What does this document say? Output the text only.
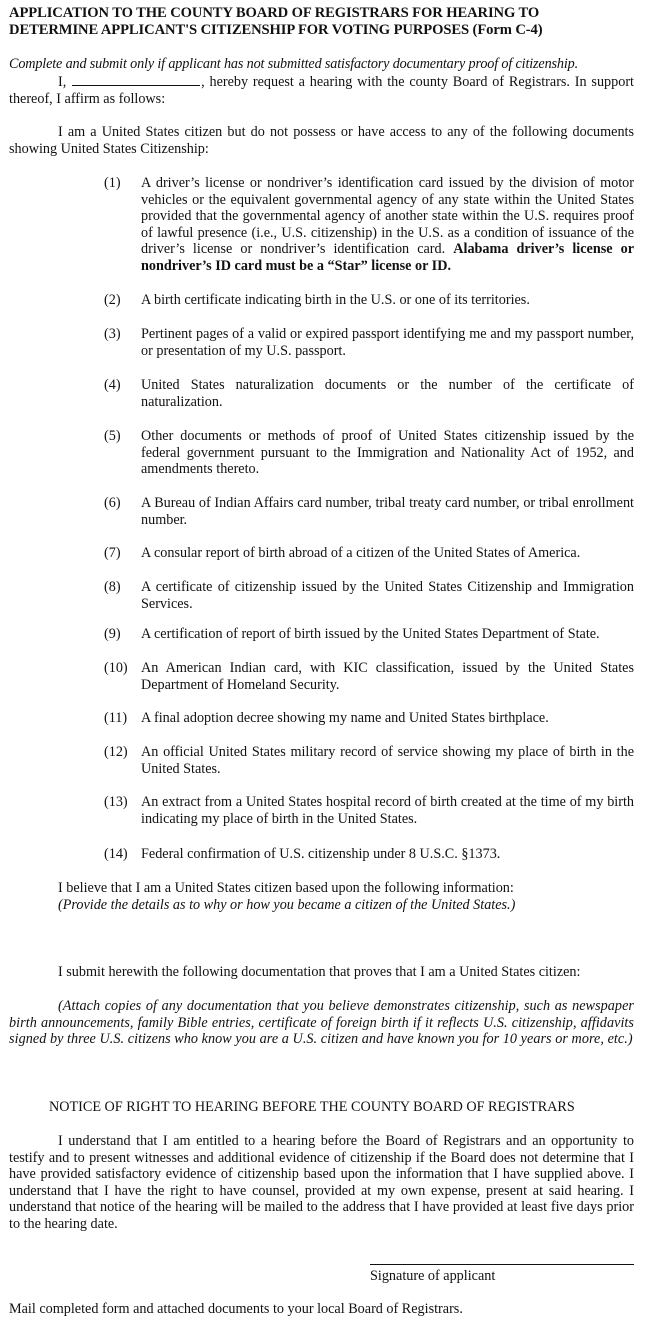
APPLICATION TO THE COUNTY BOARD OF REGISTRARS FOR HEARING TO
DETERMINE APPLICANT'S CITIZENSHIP FOR VOTING PURPOSES (Form C-4)
Complete and submit only if applicant has not submitted satisfactory documentary proof of citizenship.
I,	, hereby request a hearing with the county Board of Registrars. In support thereof, I affirm as follows:
I am a United States citizen but do not possess or have access to any of the following documents showing United States Citizenship:
(1)	A driver’s license or nondriver’s identification card issued by the division of motor vehicles or the equivalent governmental agency of any state within the United States provided that the governmental agency of another state within the U.S. requires proof of lawful presence (i.e., U.S. citizenship) in the U.S. as a condition of issuance of the driver’s license or nondriver’s identification card. Alabama driver’s license or nondriver’s ID card must be a “Star” license or ID.
(2)	A birth certificate indicating birth in the U.S. or one of its territories.
(3)	Pertinent pages of a valid or expired passport identifying me and my passport number, or presentation of my U.S. passport.
(4)	United States naturalization documents or the number of the certificate of naturalization.
(5)	Other documents or methods of proof of United States citizenship issued by the federal government pursuant to the Immigration and Nationality Act of 1952, and amendments thereto.
(6)	A Bureau of Indian Affairs card number, tribal treaty card number, or tribal enrollment number.
(7)	A consular report of birth abroad of a citizen of the United States of America.
(8)	A certificate of citizenship issued by the United States Citizenship and Immigration Services.
(9)	A certification of report of birth issued by the United States Department of State.
(10) An American Indian card, with KIC classification, issued by the United States Department of Homeland Security.
(11) A final adoption decree showing my name and United States birthplace.
(12) An official United States military record of service showing my place of birth in the United States.
(13) An extract from a United States hospital record of birth created at the time of my birth indicating my place of birth in the United States.
(14) Federal confirmation of U.S. citizenship under 8 U.S.C. §1373.
I believe that I am a United States citizen based upon the following information:
(Provide the details as to why or how you became a citizen of the United States.)
I submit herewith the following documentation that proves that I am a United States citizen:
(Attach copies of any documentation that you believe demonstrates citizenship, such as newspaper birth announcements, family Bible entries, certificate of foreign birth if it reflects U.S. citizenship, affidavits signed by three U.S. citizens who know you are a U.S. citizen and have known you for 10 years or more, etc.)
NOTICE OF RIGHT TO HEARING BEFORE THE COUNTY BOARD OF REGISTRARS
I understand that I am entitled to a hearing before the Board of Registrars and an opportunity to testify and to present witnesses and additional evidence of citizenship if the Board does not determine that I have provided satisfactory evidence of citizenship based upon the information that I have supplied above. I understand that I have the right to have counsel, provided at my own expense, present at said hearing. I understand that notice of the hearing will be mailed to the address that I have provided at least five days prior to the hearing date.
Signature of applicant
Mail completed form and attached documents to your local Board of Registrars.
